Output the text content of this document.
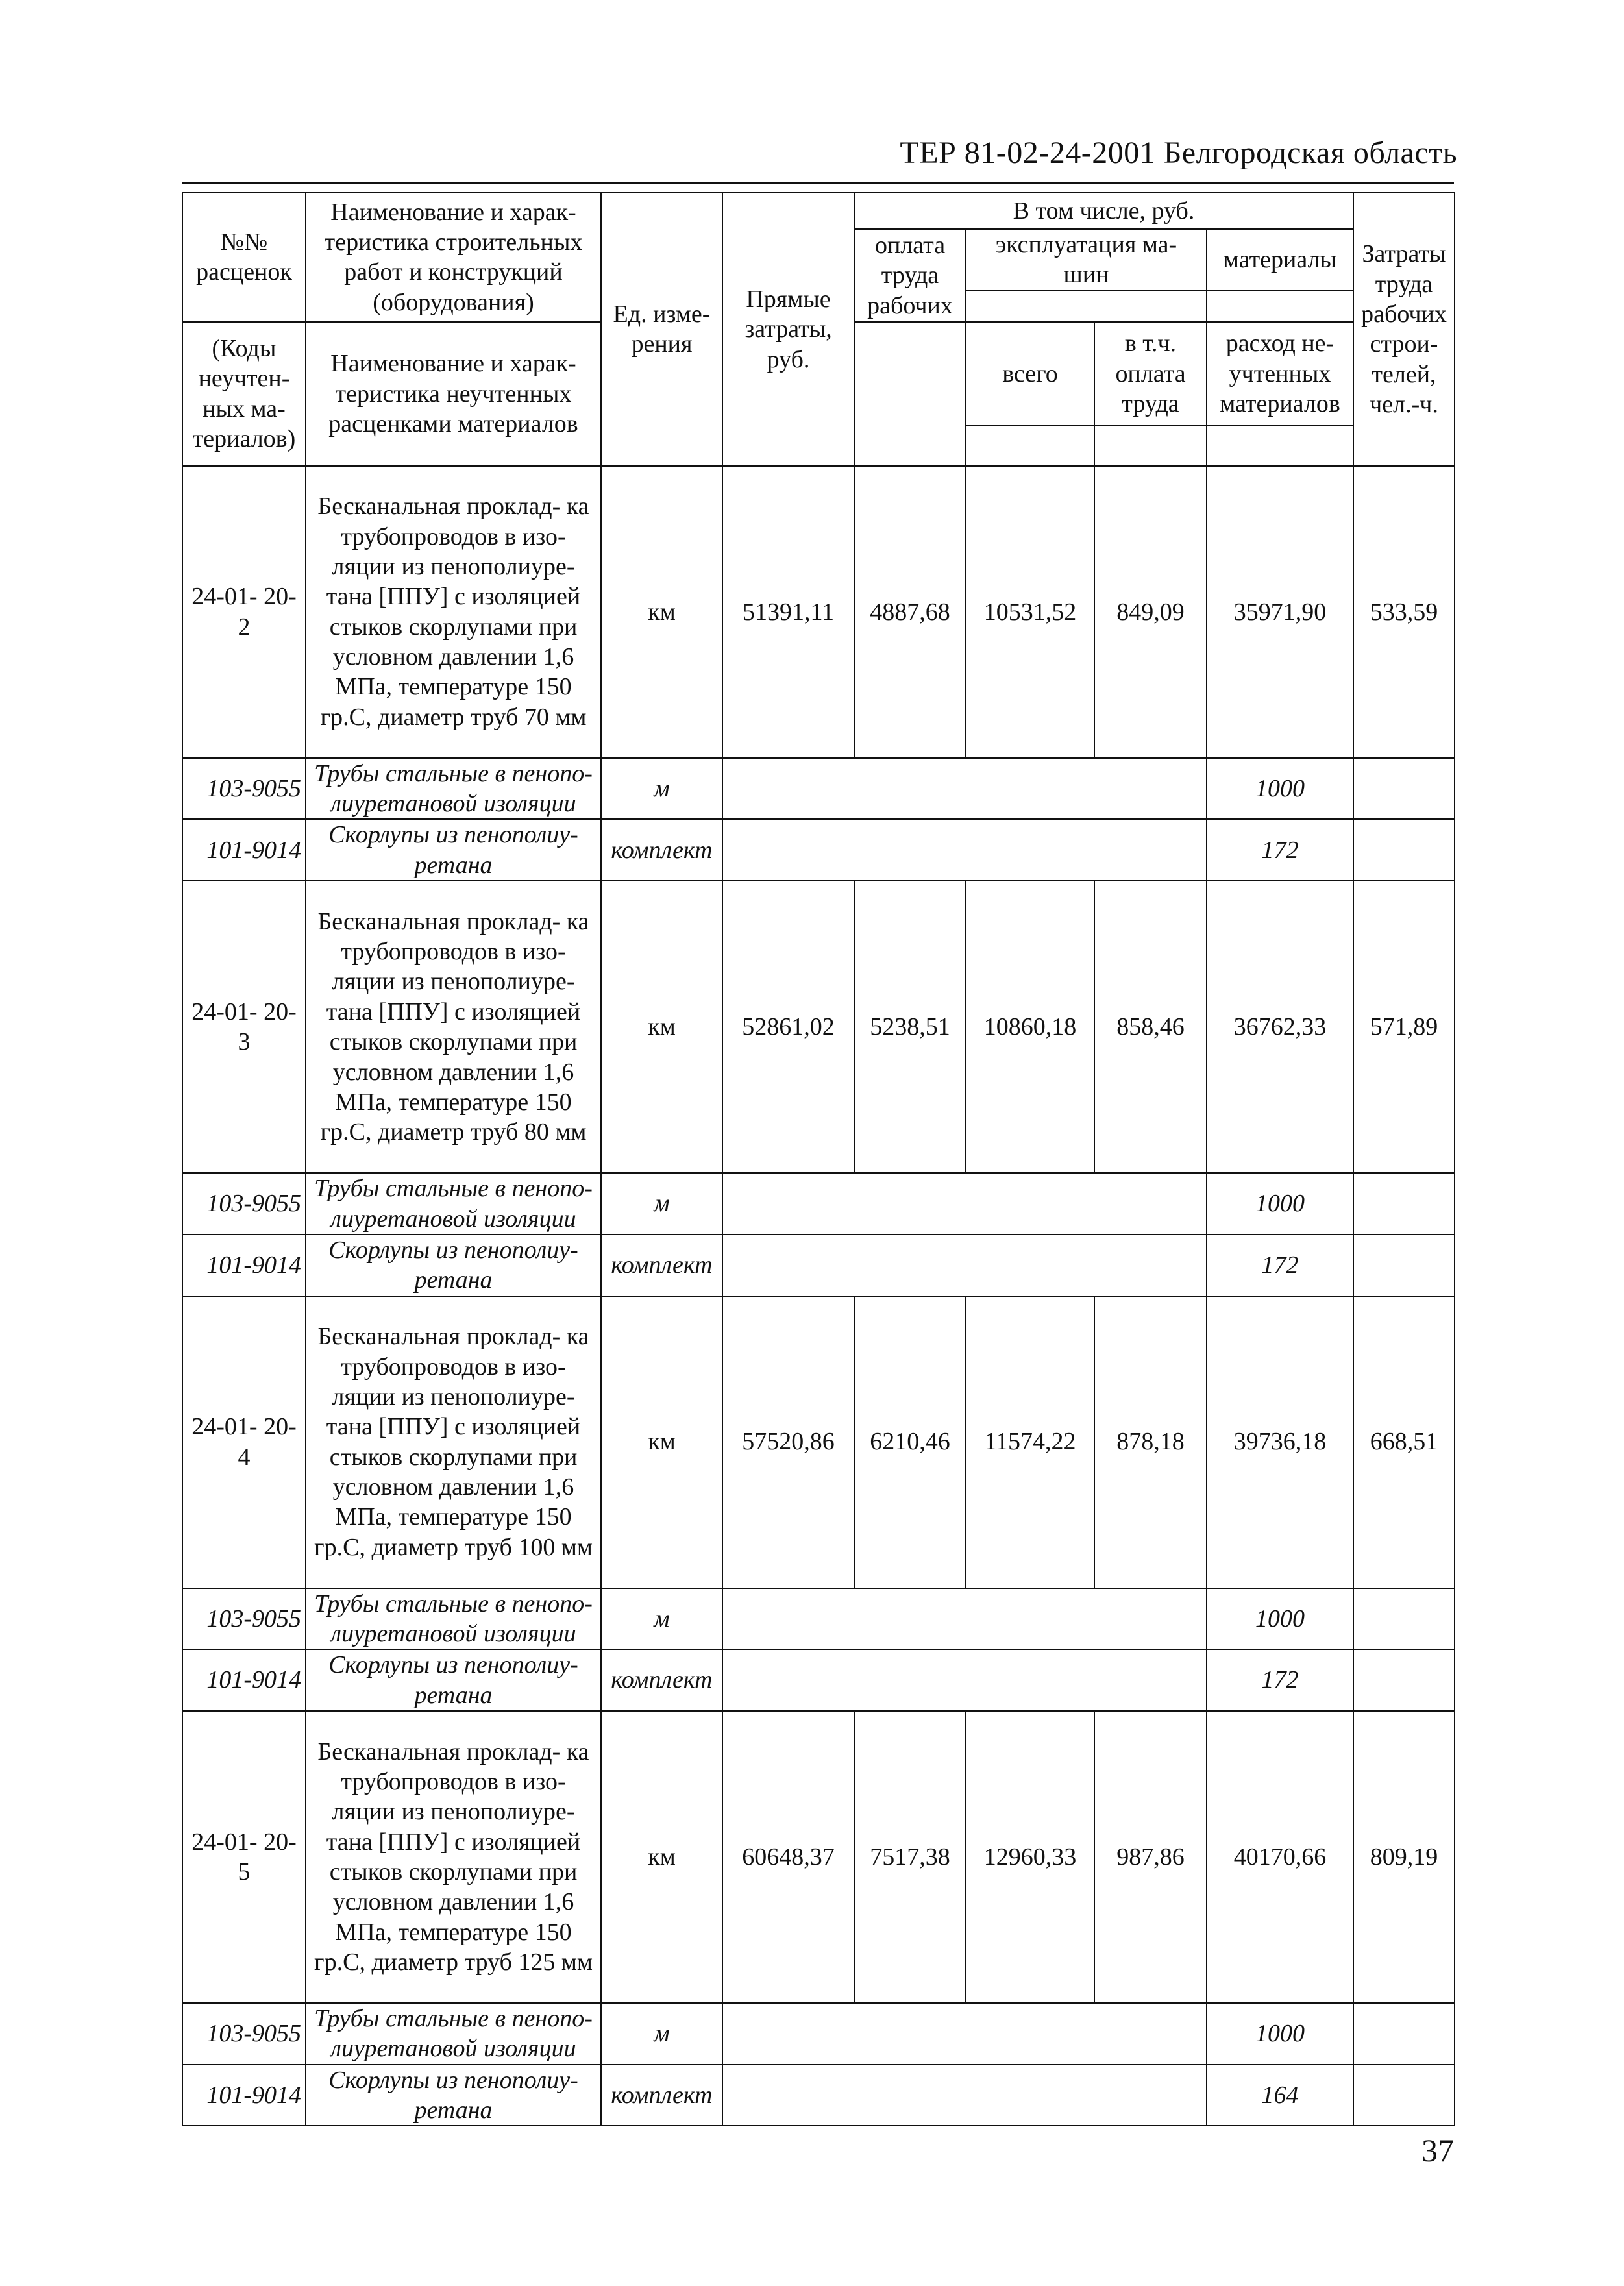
ТЕР 81-02-24-2001 Белгородская область
№№ расценок	Наименование и харак- теристика строительных работ и конструкций (оборудования)	Ед. изме- рения	Прямые затраты, руб.	В том числе, руб.				Затраты труда рабочих строи- телей, чел.-ч.
				оплата труда рабочих	эксплуатация ма- шин		материалы	

(Коды неучтен- ных ма- териалов)	Наименование и харак- теристика неучтенных расценками материалов				всего	в т.ч. оплата труда	расход не- учтенных материалов	

24-01- 20-2	Бесканальная проклад- ка трубопроводов в изо- ляции из пенополиуре- тана [ППУ] с изоляцией стыков скорлупами при условном давлении 1,6 МПа, температуре 150 гр.С, диаметр труб 70 мм	км	51391,11	4887,68	10531,52	849,09	35971,90	533,59
103-9055	Трубы стальные в пенопо- лиуретановой изоляции	м					1000	
101-9014	Скорлупы из пенополиу- ретана	комплект					172	
24-01- 20-3	Бесканальная проклад- ка трубопроводов в изо- ляции из пенополиуре- тана [ППУ] с изоляцией стыков скорлупами при условном давлении 1,6 МПа, температуре 150 гр.С, диаметр труб 80 мм	км	52861,02	5238,51	10860,18	858,46	36762,33	571,89
103-9055	Трубы стальные в пенопо- лиуретановой изоляции	м					1000	
101-9014	Скорлупы из пенополиу- ретана	комплект					172	
24-01- 20-4	Бесканальная проклад- ка трубопроводов в изо- ляции из пенополиуре- тана [ППУ] с изоляцией стыков скорлупами при условном давлении 1,6 МПа, температуре 150 гр.С, диаметр труб 100 мм	км	57520,86	6210,46	11574,22	878,18	39736,18	668,51
103-9055	Трубы стальные в пенопо- лиуретановой изоляции	м					1000	
101-9014	Скорлупы из пенополиу- ретана	комплект					172	
24-01- 20-5	Бесканальная проклад- ка трубопроводов в изо- ляции из пенополиуре- тана [ППУ] с изоляцией стыков скорлупами при условном давлении 1,6 МПа, температуре 150 гр.С, диаметр труб 125 мм	км	60648,37	7517,38	12960,33	987,86	40170,66	809,19
103-9055	Трубы стальные в пенопо- лиуретановой изоляции	м					1000	
101-9014	Скорлупы из пенополиу- ретана	комплект					164	
37
